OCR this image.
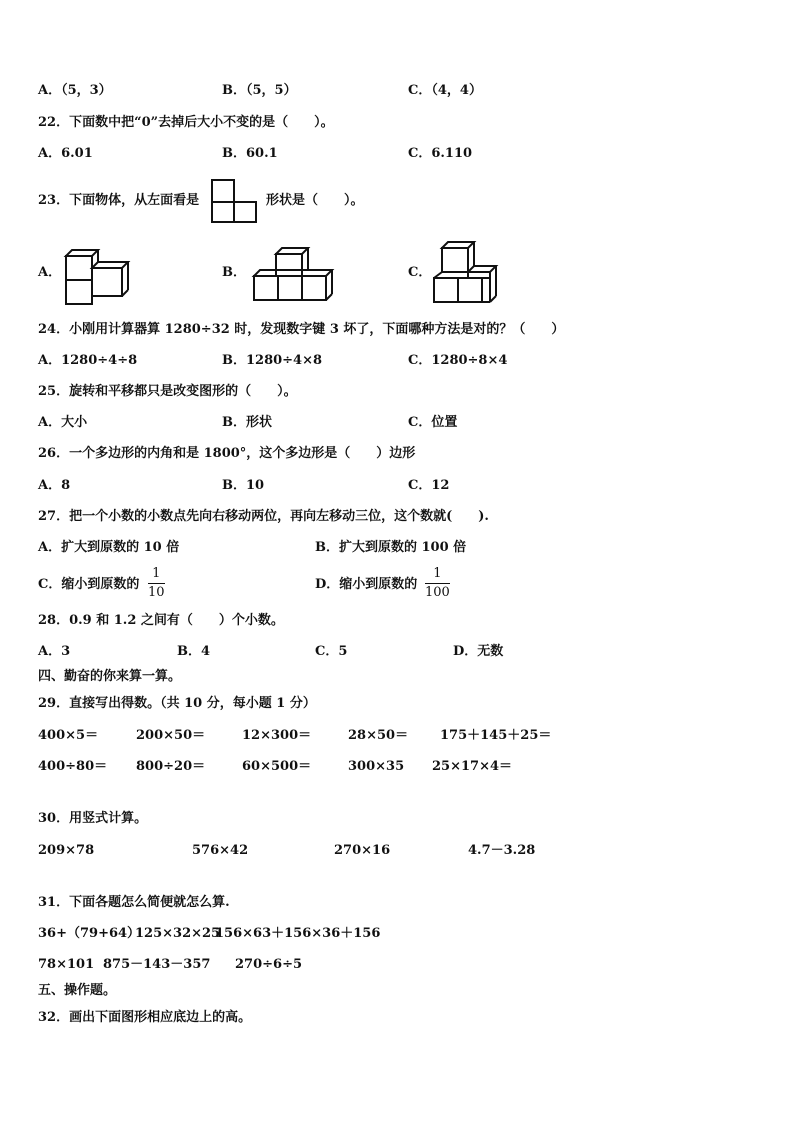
A．（5，3）	B．（5，5）	C．（4，4）
22．下面数中把“0”去掉后大小不变的是（　　）。
A．6.01	B．60.1	C．6.110
23．下面物体，从左面看是	形状是（　　）。
A．	B．	C．
24．小刚用计算器算 1280÷32 时，发现数字键 3 坏了，下面哪种方法是对的？（　　）
A．1280÷4÷8	B．1280÷4×8	C．1280÷8×4
25．旋转和平移都只是改变图形的（　　）。
A．大小	B．形状	C．位置
26．一个多边形的内角和是 1800°，这个多边形是（　　）边形
A．8	B．10	C．12
27．把一个小数的小数点先向右移动两位，再向左移动三位，这个数就(　　).
A．扩大到原数的 10 倍	B．扩大到原数的 100 倍
C．缩小到原数的
1
10
D．缩小到原数的
1
100
28．0.9 和 1.2 之间有（　　）个小数。
A．3	B．4	C．5	D．无数
四、勤奋的你来算一算。
29．直接写出得数。（共 10 分，每小题 1 分）
400×5＝	200×50＝	12×300＝	28×50＝ 175＋145＋25＝
400÷80＝ 800÷20＝	60×500＝	300×35 25×17×4＝
30．用竖式计算。
209×78	576×42	270×16	4.7－3.28
31．下面各题怎么简便就怎么算.
36+（79+64）
125×32×25
156×63＋156×36＋156
78×101 875－143－357 270÷6÷5
五、操作题。
32．画出下面图形相应底边上的高。
